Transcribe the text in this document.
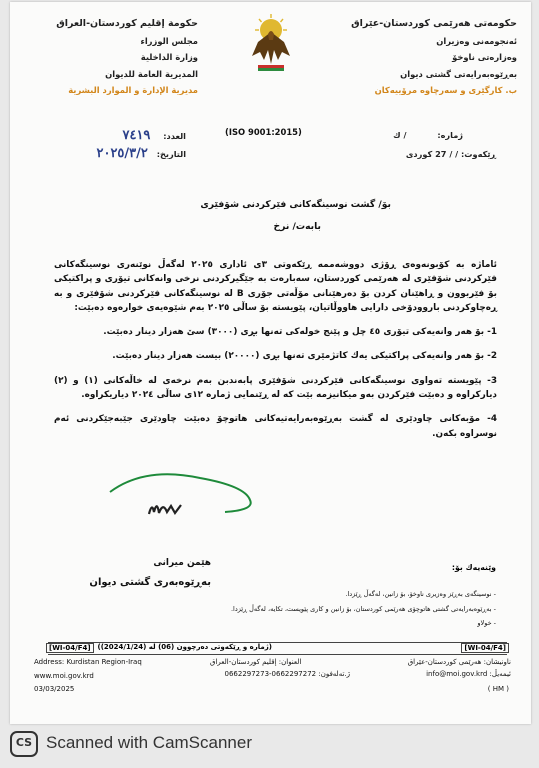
حكومەتی هەرێمی كوردستان-عێراق
ئەنجومەنی وەزیران
وەزارەتی ناوخۆ
بەڕێوەبەرایەتی گشتی دیوان
ب. كارگێری و سەرچاوە مرۆییەكان
حكومة إقليم كوردستان-العراق
مجلس الوزراء
وزارة الداخلية
المديرية العامة للديوان
مديرية الإدارة و الموارد البشرية
ژمارە: / ك
ڕێكەوت: / / 27 كوردی
(ISO 9001:2015)
العدد: ٧٤١٩
التاريخ: ٢٠٢٥/٣/٢
بۆ/ گشت نوسینگەكانی فێركردنی شۆفێری
بابەت/ نرخ

ئاماژە بە كۆبونەوەی ڕۆژی دووشەممە ڕێكەوتی ٣ی ئاداری ٢٠٢٥ لەگەڵ نوێنەری نوسینگەكانی فێركردنی شۆفێری لە هەرێمی كوردستان، سەبارەت بە جێگیركردنی نرخی وانەكانی تیۆری و پراكتیكی بۆ فێربوون و ڕاهێنان كردن بۆ دەرهێنانی مۆڵەتی جۆری B لە نوسینگەكانی فێركردنی شۆفێری و بە ڕەچاوكردنی باروودۆخی دارایی هاووڵاتیان، پێویستە بۆ ساڵی ٢٠٢٥ بەم شێوەیەی خوارەوە دەبێت:

1- بۆ هەر وانەیەكی تیۆری ٤٥ چل و پێنج خولەكی تەنها بڕی (٣٠٠٠) سێ هەزار دینار دەبێت.

2- بۆ هەر وانەیەكی پراكتیكی یەك كاتژمێری تەنها بڕی (٢٠٠٠٠) بیست هەزار دینار دەبێت.

3- پێویستە تەواوی نوسینگەكانی فێركردنی شۆفێری پابەندبن بەم نرخەی لە خاڵەكانی (١) و (٢) دیاركراوە و دەبێت فێركردن بەو میكانیزمە بێت كە لە ڕێنمایی ژمارە ١٢ی ساڵی ٢٠٢٤ دیاریكراوە.

4- مۆبەكانی چاودێری لە گشت بەڕێوەبەرایەتیەكانی هاتوچۆ دەبێت چاودێری جێبەجێكردنی ئەم نوسراوە بكەن.

هێمن میرانی
بەڕێوەبەری گشتی دیوان
وێنەیەك بۆ:
- نوسینگەی بەڕێز وەزیری ناوخۆ، بۆ زانین، لەگەڵ ڕێزدا.
- بەڕێوەبەرایەتی گشتی هاتوچۆی هەرێمی كوردستان، بۆ زانین و كاری پێویست، تكایە، لەگەڵ ڕێزدا.
- خولاو
[WI-04/F4] (ژمارە و ڕێكەوتی دەرچوون (06) لە (2024/1/24))	[WI-04/F4]
Address: Kurdistan Region-Iraq	العنوان: إقليم كوردستان-العراق	ناونیشان: هەرێمی كوردستان-عێراق
www.moi.gov.krd	ژ.تەلەفون: 0662297273-0662297272	ئیمەیڵ: info@moi.gov.krd
03/03/2025	( HM )
CS Scanned with CamScanner
